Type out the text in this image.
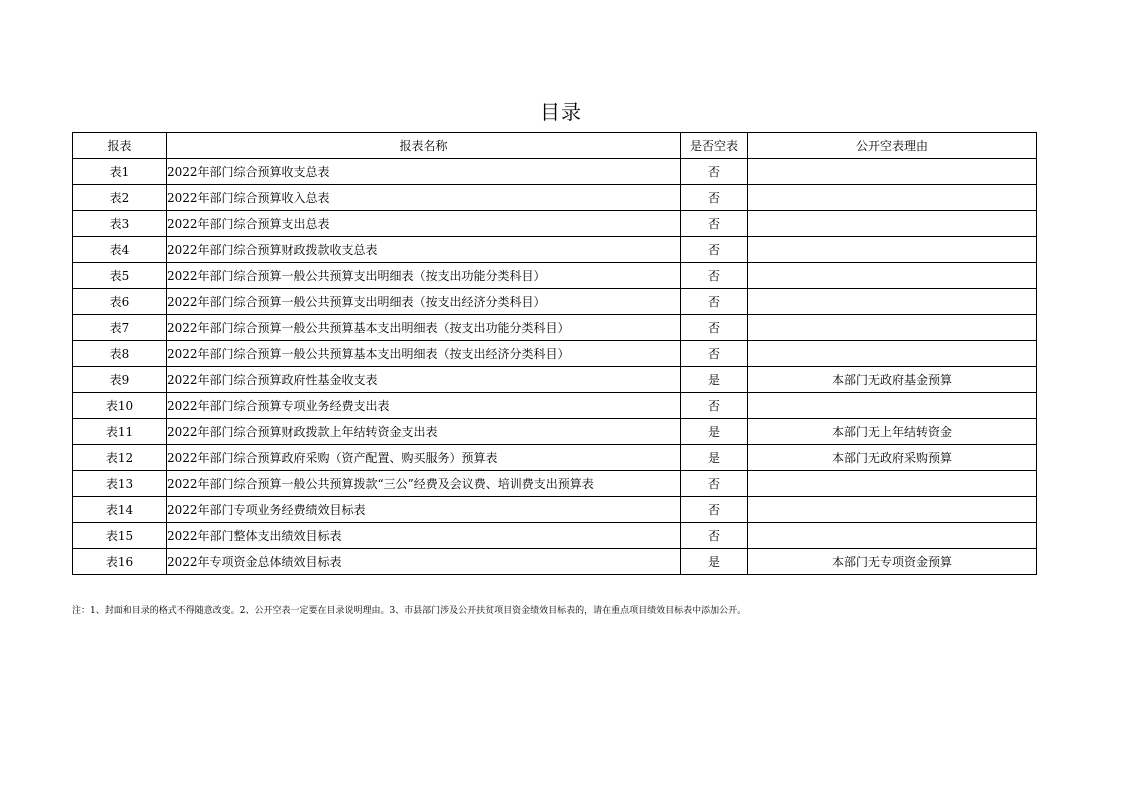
目录
报表	报表名称	是否空表	公开空表理由
表1	2022年部门综合预算收支总表	否	
表2	2022年部门综合预算收入总表	否	
表3	2022年部门综合预算支出总表	否	
表4	2022年部门综合预算财政拨款收支总表	否	
表5	2022年部门综合预算一般公共预算支出明细表（按支出功能分类科目）	否	
表6	2022年部门综合预算一般公共预算支出明细表（按支出经济分类科目）	否	
表7	2022年部门综合预算一般公共预算基本支出明细表（按支出功能分类科目）	否	
表8	2022年部门综合预算一般公共预算基本支出明细表（按支出经济分类科目）	否	
表9	2022年部门综合预算政府性基金收支表	是	本部门无政府基金预算
表10	2022年部门综合预算专项业务经费支出表	否	
表11	2022年部门综合预算财政拨款上年结转资金支出表	是	本部门无上年结转资金
表12	2022年部门综合预算政府采购（资产配置、购买服务）预算表	是	本部门无政府采购预算
表13	2022年部门综合预算一般公共预算拨款“三公”经费及会议费、培训费支出预算表	否	
表14	2022年部门专项业务经费绩效目标表	否	
表15	2022年部门整体支出绩效目标表	否	
表16	2022年专项资金总体绩效目标表	是	本部门无专项资金预算
注：1、封面和目录的格式不得随意改变。2、公开空表一定要在目录说明理由。3、市县部门涉及公开扶贫项目资金绩效目标表的，请在重点项目绩效目标表中添加公开。
